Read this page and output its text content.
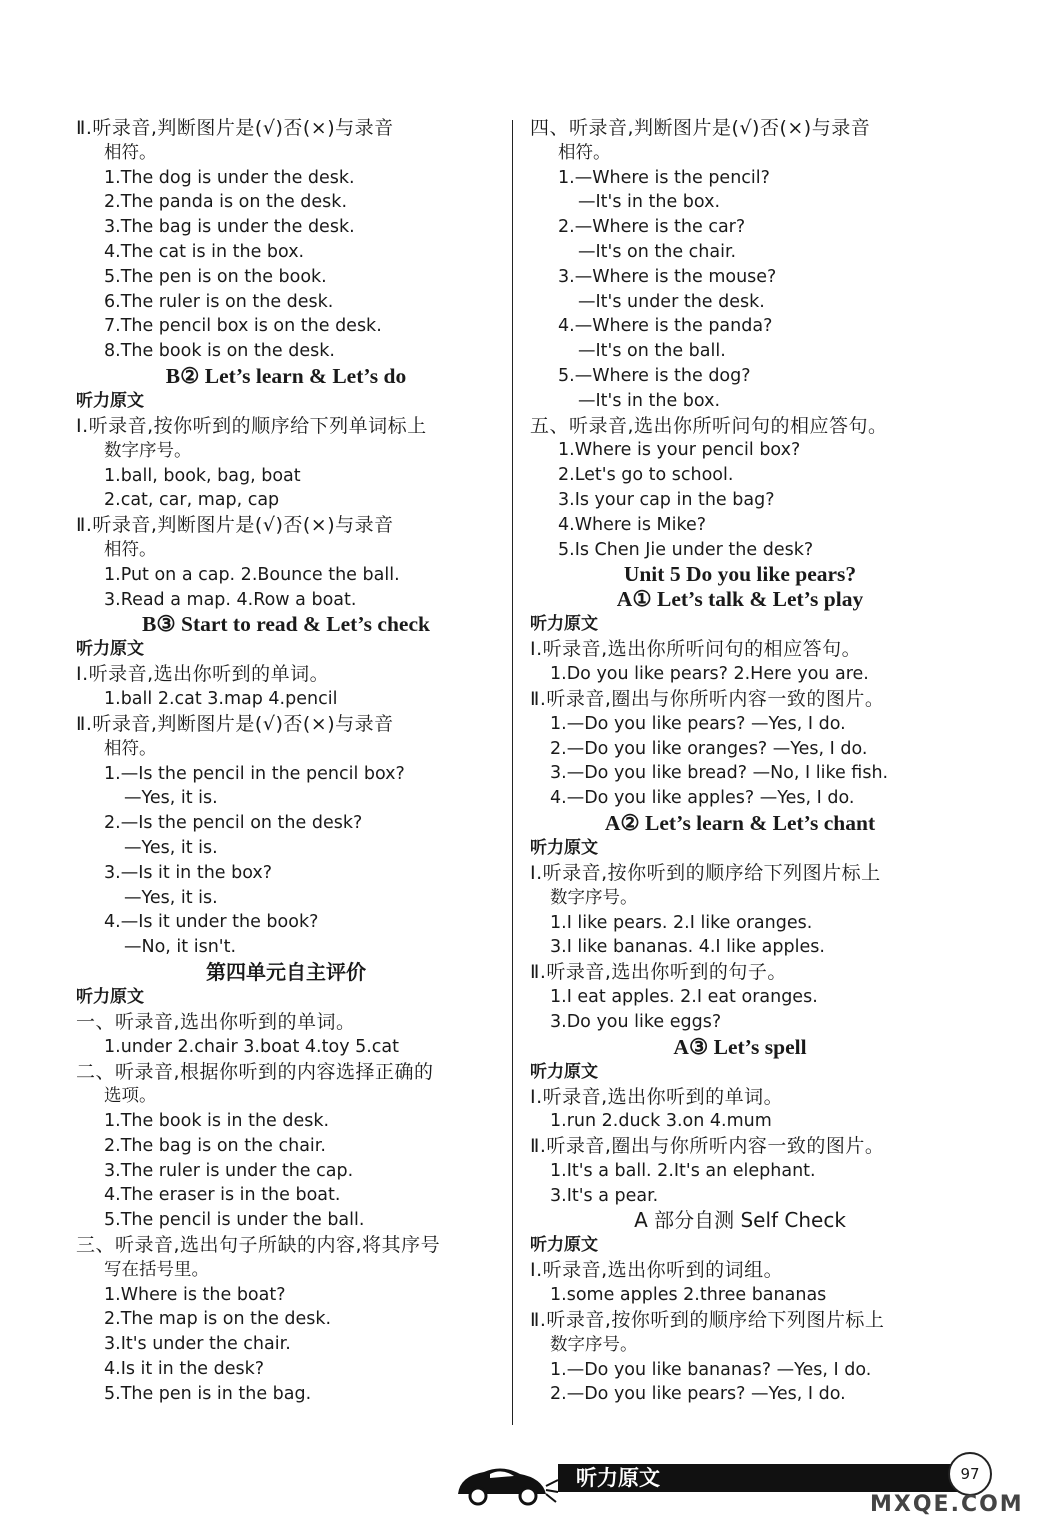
Ⅱ.听录音,判断图片是(√)否(×)与录音
相符。
1.The dog is under the desk.
2.The panda is on the desk.
3.The bag is under the desk.
4.The cat is in the box.
5.The pen is on the book.
6.The ruler is on the desk.
7.The pencil box is on the desk.
8.The book is on the desk.
B② Let’s learn & Let’s do
听力原文
Ⅰ.听录音,按你听到的顺序给下列单词标上
数字序号。
1.ball, book, bag, boat
2.cat, car, map, cap
Ⅱ.听录音,判断图片是(√)否(×)与录音
相符。
1.Put on a cap. 2.Bounce the ball.
3.Read a map. 4.Row a boat.
B③ Start to read & Let’s check
听力原文
Ⅰ.听录音,选出你听到的单词。
1.ball 2.cat 3.map 4.pencil
Ⅱ.听录音,判断图片是(√)否(×)与录音
相符。
1.—Is the pencil in the pencil box?
—Yes, it is.
2.—Is the pencil on the desk?
—Yes, it is.
3.—Is it in the box?
—Yes, it is.
4.—Is it under the book?
—No, it isn't.
第四单元自主评价
听力原文
一、听录音,选出你听到的单词。
1.under 2.chair 3.boat 4.toy 5.cat
二、听录音,根据你听到的内容选择正确的
选项。
1.The book is in the desk.
2.The bag is on the chair.
3.The ruler is under the cap.
4.The eraser is in the boat.
5.The pencil is under the ball.
三、听录音,选出句子所缺的内容,将其序号
写在括号里。
1.Where is the boat?
2.The map is on the desk.
3.It's under the chair.
4.Is it in the desk?
5.The pen is in the bag.
四、听录音,判断图片是(√)否(×)与录音
相符。
1.—Where is the pencil?
—It's in the box.
2.—Where is the car?
—It's on the chair.
3.—Where is the mouse?
—It's under the desk.
4.—Where is the panda?
—It's on the ball.
5.—Where is the dog?
—It's in the box.
五、听录音,选出你所听问句的相应答句。
1.Where is your pencil box?
2.Let's go to school.
3.Is your cap in the bag?
4.Where is Mike?
5.Is Chen Jie under the desk?
Unit 5 Do you like pears?
A① Let’s talk & Let’s play
听力原文
Ⅰ.听录音,选出你所听问句的相应答句。
1.Do you like pears? 2.Here you are.
Ⅱ.听录音,圈出与你所听内容一致的图片。
1.—Do you like pears? —Yes, I do.
2.—Do you like oranges? —Yes, I do.
3.—Do you like bread? —No, I like fish.
4.—Do you like apples? —Yes, I do.
A② Let’s learn & Let’s chant
听力原文
Ⅰ.听录音,按你听到的顺序给下列图片标上
数字序号。
1.I like pears. 2.I like oranges.
3.I like bananas. 4.I like apples.
Ⅱ.听录音,选出你听到的句子。
1.I eat apples. 2.I eat oranges.
3.Do you like eggs?
A③ Let’s spell
听力原文
Ⅰ.听录音,选出你听到的单词。
1.run 2.duck 3.on 4.mum
Ⅱ.听录音,圈出与你所听内容一致的图片。
1.It's a ball. 2.It's an elephant.
3.It's a pear.
A 部分自测 Self Check
听力原文
Ⅰ.听录音,选出你听到的词组。
1.some apples 2.three bananas
Ⅱ.听录音,按你听到的顺序给下列图片标上
数字序号。
1.—Do you like bananas? —Yes, I do.
2.—Do you like pears? —Yes, I do.
听力原文	97
MXQE.COM
